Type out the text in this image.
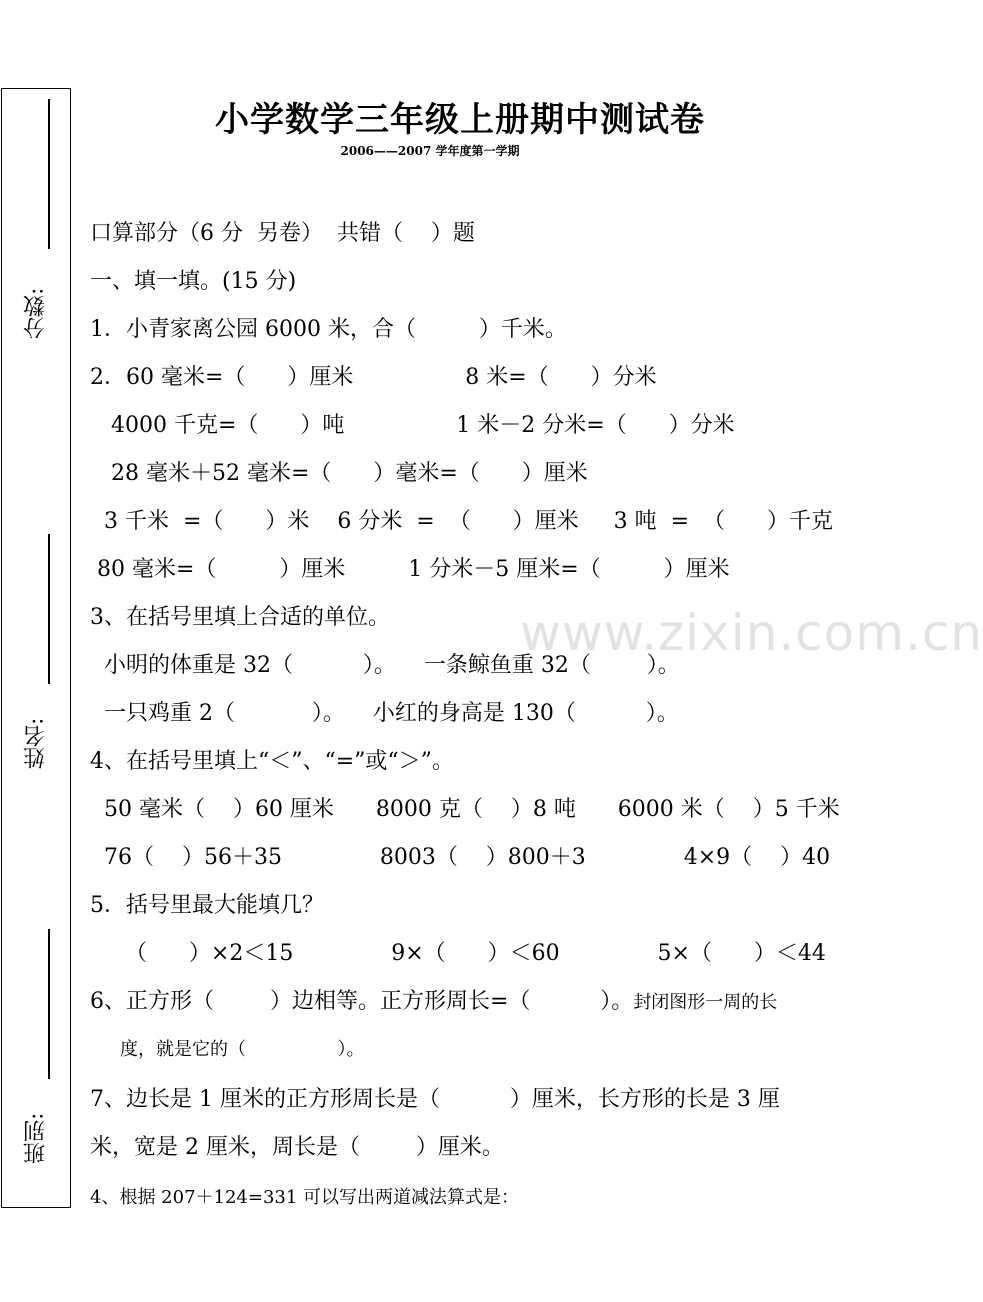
分数:
姓名:
班别:
小学数学三年级上册期中测试卷
2006——2007 学年度第一学期
www.zixin.com.cn
口算部分（6 分  另卷）  共错（    ）题
一、填一填。(15 分)
1．小青家离公园 6000 米，合（         ）千米。
2．60 毫米=（      ）厘米                8 米=（      ）分米
4000 千克=（      ）吨                1 米－2 分米=（      ）分米
28 毫米＋52 毫米=（      ）毫米=（      ）厘米
3 千米  =（      ）米    6 分米  =  （      ）厘米     3 吨  =  （      ）千克
80 毫米=（         ）厘米         1 分米－5 厘米=（         ）厘米
3、在括号里填上合适的单位。
小明的体重是 32（          ）。    一条鲸鱼重 32（        ）。
一只鸡重 2（           ）。    小红的身高是 130（          ）。
4、在括号里填上“＜”、“=”或“＞”。
50 毫米（    ）60 厘米      8000 克（    ）8 吨      6000 米（    ）5 千米
76（    ）56＋35              8003（    ）800＋3              4×9（    ）40
5．括号里最大能填几？
（      ）×2＜15              9×（      ）＜60              5×（      ）＜44
6、正方形（        ）边相等。正方形周长=（          ）。封闭图形一周的长
度，就是它的（                ）。
7、边长是 1 厘米的正方形周长是（          ）厘米，长方形的长是 3 厘
米，宽是 2 厘米，周长是（        ）厘米。
4、根据 207＋124=331 可以写出两道减法算式是：
